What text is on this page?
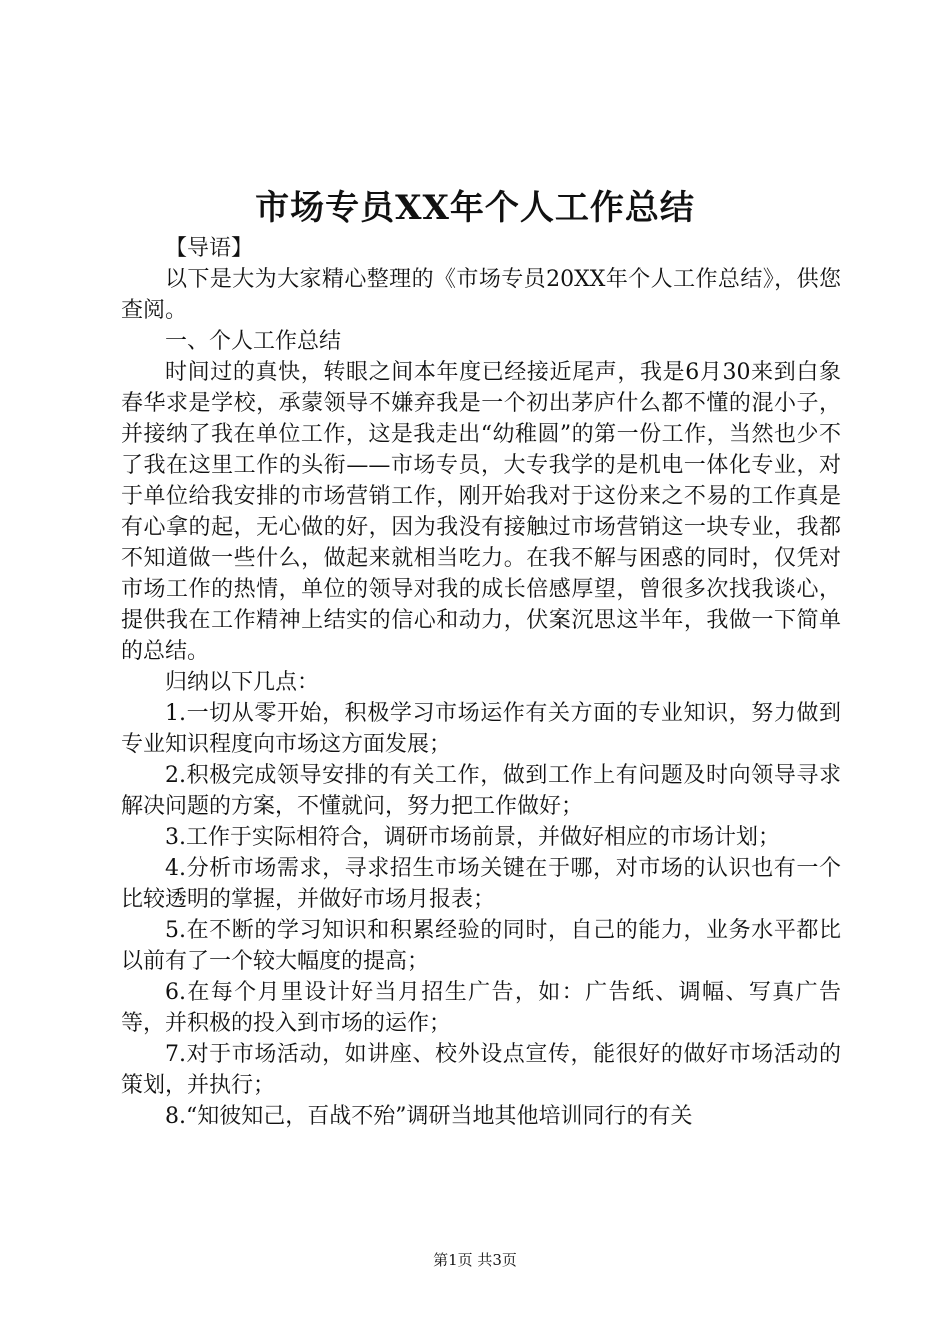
市场专员XX年个人工作总结

【导语】

以下是大为大家精心整理的《市场专员20XX年个人工作总结》，供您查阅。

一、个人工作总结

时间过的真快，转眼之间本年度已经接近尾声，我是6月30来到白象春华求是学校，承蒙领导不嫌弃我是一个初出茅庐什么都不懂的混小子，并接纳了我在单位工作，这是我走出“幼稚圆”的第一份工作，当然也少不了我在这里工作的头衔——市场专员，大专我学的是机电一体化专业，对于单位给我安排的市场营销工作，刚开始我对于这份来之不易的工作真是有心拿的起，无心做的好，因为我没有接触过市场营销这一块专业，我都不知道做一些什么，做起来就相当吃力。在我不解与困惑的同时，仅凭对市场工作的热情，单位的领导对我的成长倍感厚望，曾很多次找我谈心，提供我在工作精神上结实的信心和动力，伏案沉思这半年，我做一下简单的总结。

归纳以下几点：

1.一切从零开始，积极学习市场运作有关方面的专业知识，努力做到专业知识程度向市场这方面发展；

2.积极完成领导安排的有关工作，做到工作上有问题及时向领导寻求解决问题的方案，不懂就问，努力把工作做好；

3.工作于实际相符合，调研市场前景，并做好相应的市场计划；

4.分析市场需求，寻求招生市场关键在于哪，对市场的认识也有一个比较透明的掌握，并做好市场月报表；

5.在不断的学习知识和积累经验的同时，自己的能力，业务水平都比以前有了一个较大幅度的提高；

6.在每个月里设计好当月招生广告，如：广告纸、调幅、写真广告等，并积极的投入到市场的运作；

7.对于市场活动，如讲座、校外设点宣传，能很好的做好市场活动的策划，并执行；

8.“知彼知己，百战不殆”调研当地其他培训同行的有关

第1页 共3页
